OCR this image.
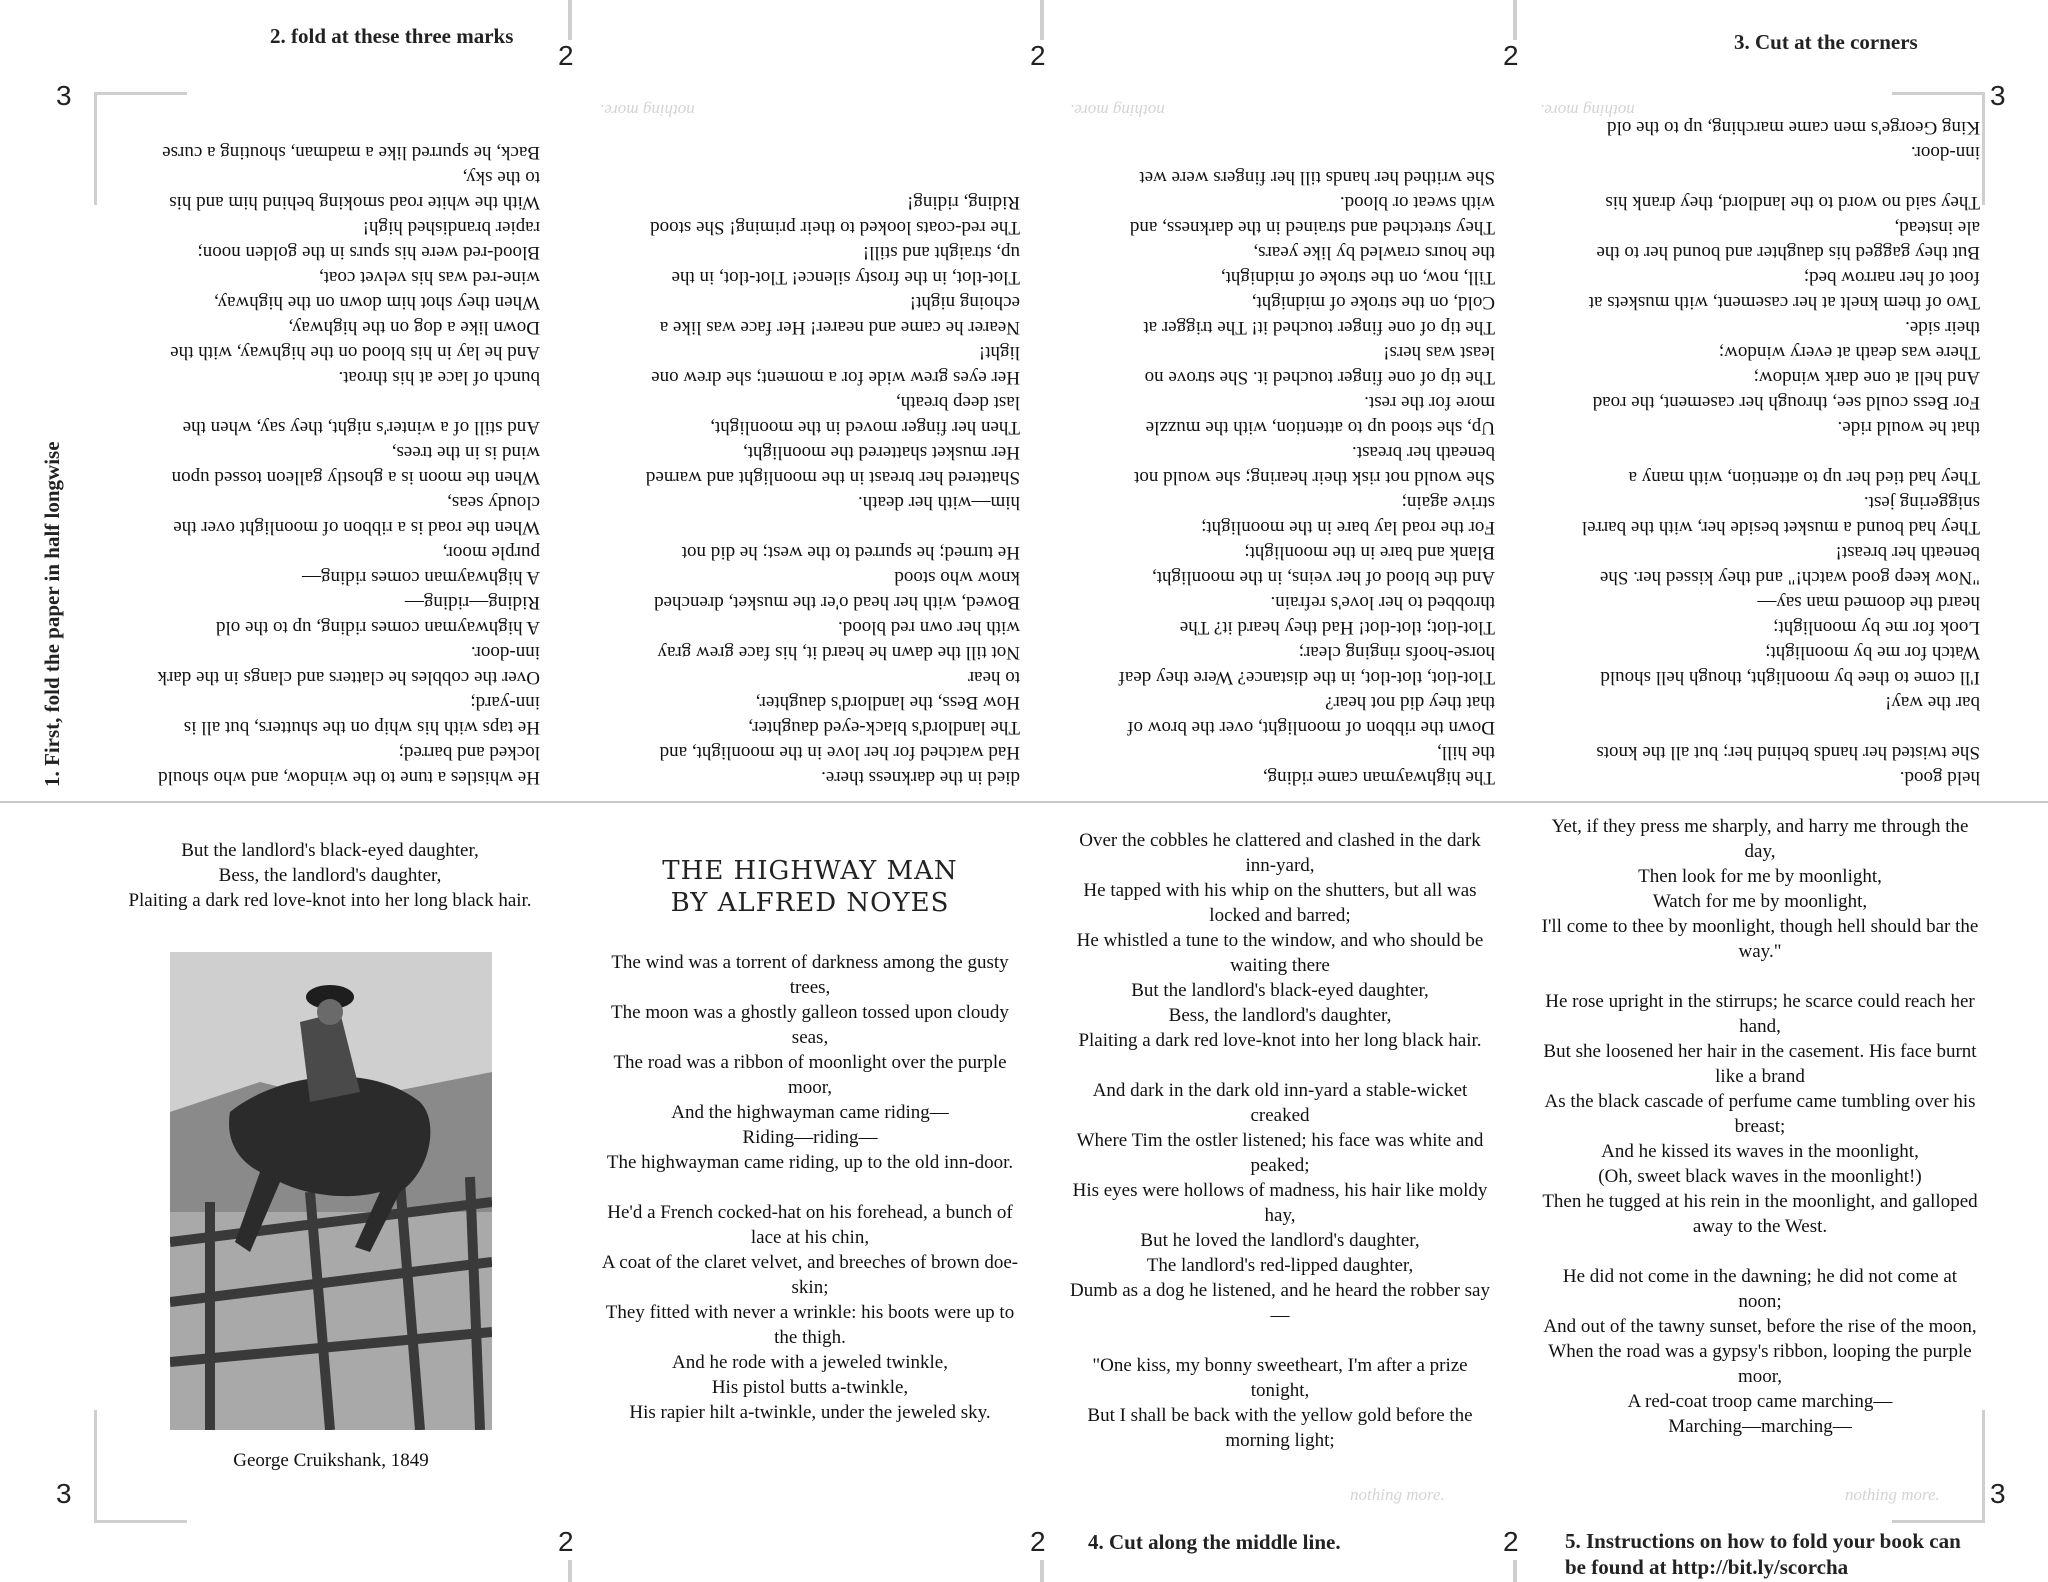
2. fold at these three marks	3. Cut at the corners
4. Cut along the middle line.
1. First, fold the paper in half longwise
5. Instructions on how to fold your book can
be found at http://bit.ly/scorcha
2	2	2
2	2	2
3	3
3	3
nothing more.	nothing more.	nothing more.
nothing more.	nothing more.

He whistles a tune to the window, and who should

locked and barred;

He taps with his whip on the shutters, but all is

inn-yard;

Over the cobbles he clatters and clangs in the dark

inn-door.

A highwayman comes riding, up to the old

Riding—riding—

A highwayman comes riding—

purple moor,

When the road is a ribbon of moonlight over the

cloudy seas,

When the moon is a ghostly galleon tossed upon

wind is in the trees,

And still of a winter's night, they say, when the

bunch of lace at his throat.

And he lay in his blood on the highway, with the

Down like a dog on the highway,

When they shot him down on the highway,

wine-red was his velvet coat,

Blood-red were his spurs in the golden noon;

rapier brandished high!

With the white road smoking behind him and his

to the sky,

Back, he spurred like a madman, shouting a curse

died in the darkness there.

Had watched for her love in the moonlight, and

The landlord's black-eyed daughter,

How Bess, the landlord's daughter,

to hear

Not till the dawn he heard it, his face grew gray

with her own red blood.

Bowed, with her head o'er the musket, drenched

know who stood

He turned; he spurred to the west; he did not

him—with her death.

Shattered her breast in the moonlight and warned

Her musket shattered the moonlight,

Then her finger moved in the moonlight,

last deep breath,

Her eyes grew wide for a moment; she drew one

light!

Nearer he came and nearer! Her face was like a

echoing night!

Tlot-tlot, in the frosty silence! Tlot-tlot, in the

up, straight and still!

The red-coats looked to their priming! She stood

Riding, riding!

The highwayman came riding,

the hill,

Down the ribbon of moonlight, over the brow of

that they did not hear?

Tlot-tlot, tlot-tlot, in the distance? Were they deaf

horse-hoofs ringing clear;

Tlot-tlot; tlot-tlot! Had they heard it? The

throbbed to her love's refrain.

And the blood of her veins, in the moonlight,

Blank and bare in the moonlight;

For the road lay bare in the moonlight;

strive again;

She would not risk their hearing; she would not

beneath her breast.

Up, she stood up to attention, with the muzzle

more for the rest.

The tip of one finger touched it. She strove no

least was hers!

The tip of one finger touched it! The trigger at

Cold, on the stroke of midnight,

Till, now, on the stroke of midnight,

the hours crawled by like years,

They stretched and strained in the darkness, and

with sweat or blood.

She writhed her hands till her fingers were wet

held good.

She twisted her hands behind her; but all the knots

bar the way!

I'll come to thee by moonlight, though hell should

Watch for me by moonlight;

Look for me by moonlight;

heard the doomed man say—

"Now keep good watch!" and they kissed her. She

beneath her breast!

They had bound a musket beside her, with the barrel

sniggering jest.

They had tied her up to attention, with many a

that he would ride.

For Bess could see, through her casement, the road

And hell at one dark window;

There was death at every window;

their side.

Two of them knelt at her casement, with muskets at

foot of her narrow bed;

But they gagged his daughter and bound her to the

ale instead,

They said no word to the landlord, they drank his

inn-door.

King George's men came marching, up to the old

But the landlord's black-eyed daughter,

Bess, the landlord's daughter,

Plaiting a dark red love-knot into her long black hair.

George Cruikshank, 1849
THE HIGHWAY MAN
BY ALFRED NOYES

The wind was a torrent of darkness among the gusty trees,

The moon was a ghostly galleon tossed upon cloudy seas,

The road was a ribbon of moonlight over the purple moor,

And the highwayman came riding—

Riding—riding—

The highwayman came riding, up to the old inn-door.

He'd a French cocked-hat on his forehead, a bunch of lace at his chin,

A coat of the claret velvet, and breeches of brown doe-skin;

They fitted with never a wrinkle: his boots were up to the thigh.

And he rode with a jeweled twinkle,

His pistol butts a-twinkle,

His rapier hilt a-twinkle, under the jeweled sky.

Over the cobbles he clattered and clashed in the dark inn-yard,

He tapped with his whip on the shutters, but all was locked and barred;

He whistled a tune to the window, and who should be waiting there

But the landlord's black-eyed daughter,

Bess, the landlord's daughter,

Plaiting a dark red love-knot into her long black hair.

And dark in the dark old inn-yard a stable-wicket creaked

Where Tim the ostler listened; his face was white and peaked;

His eyes were hollows of madness, his hair like moldy hay,

But he loved the landlord's daughter,

The landlord's red-lipped daughter,

Dumb as a dog he listened, and he heard the robber say—

"One kiss, my bonny sweetheart, I'm after a prize tonight,

But I shall be back with the yellow gold before the morning light;

Yet, if they press me sharply, and harry me through the day,

Then look for me by moonlight,

Watch for me by moonlight,

I'll come to thee by moonlight, though hell should bar the way."

He rose upright in the stirrups; he scarce could reach her hand,

But she loosened her hair in the casement. His face burnt like a brand

As the black cascade of perfume came tumbling over his breast;

And he kissed its waves in the moonlight,

(Oh, sweet black waves in the moonlight!)

Then he tugged at his rein in the moonlight, and galloped away to the West.

He did not come in the dawning; he did not come at noon;

And out of the tawny sunset, before the rise of the moon,

When the road was a gypsy's ribbon, looping the purple moor,

A red-coat troop came marching—

Marching—marching—
